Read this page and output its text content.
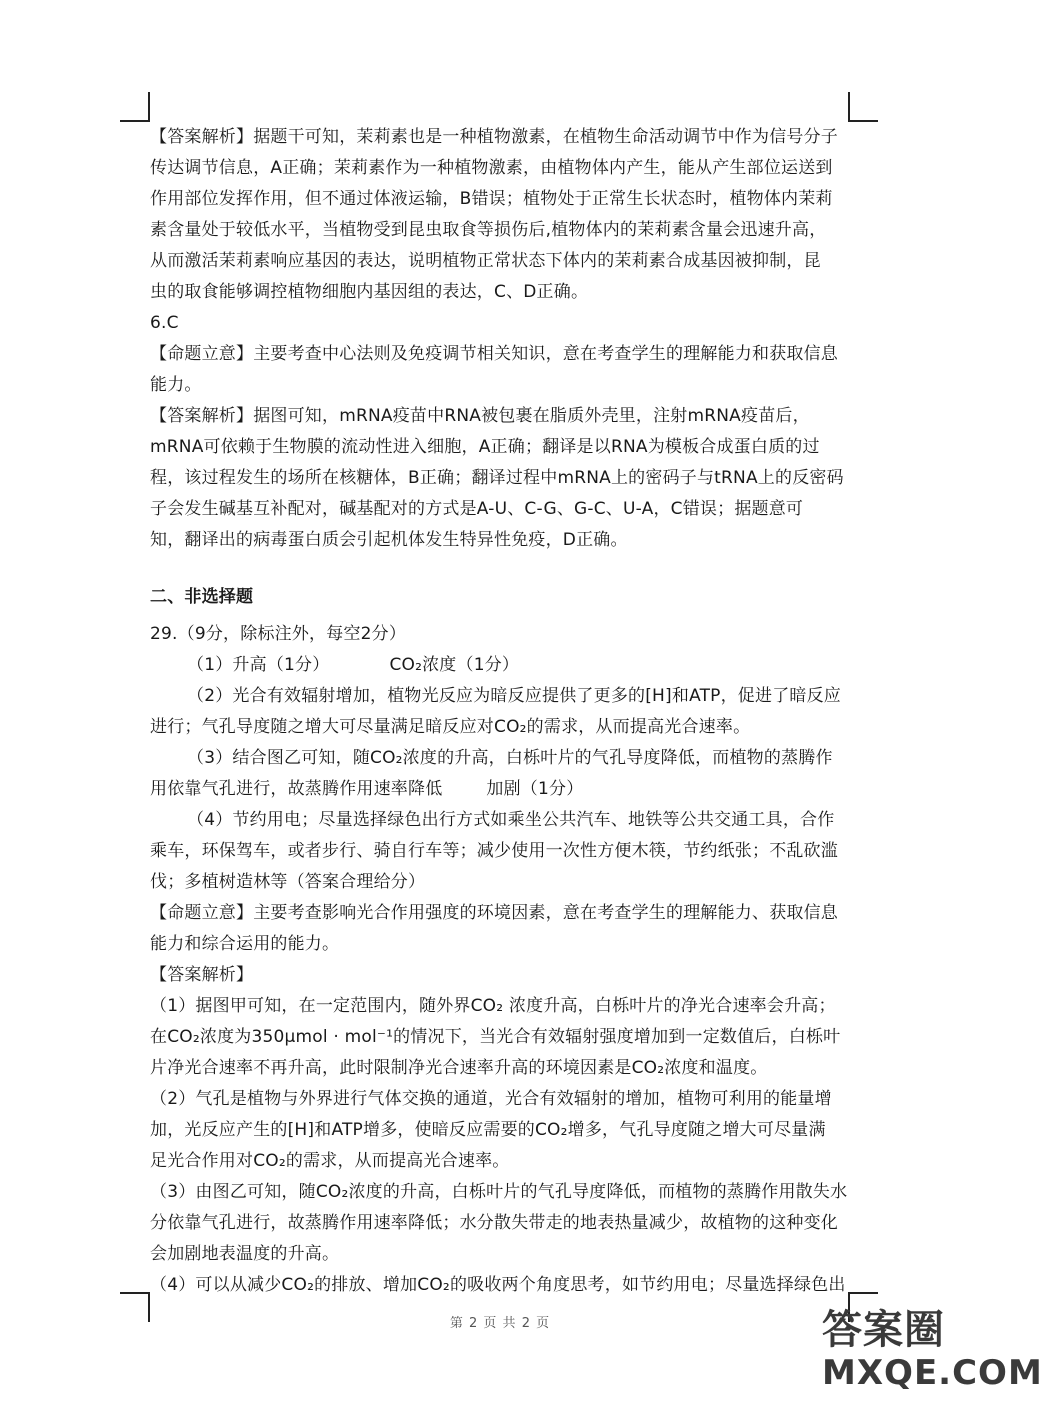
【答案解析】据题干可知，茉莉素也是一种植物激素，在植物生命活动调节中作为信号分子
传达调节信息，A正确；茉莉素作为一种植物激素，由植物体内产生，能从产生部位运送到
作用部位发挥作用，但不通过体液运输，B错误；植物处于正常生长状态时，植物体内茉莉
素含量处于较低水平，当植物受到昆虫取食等损伤后,植物体内的茉莉素含量会迅速升高，
从而激活茉莉素响应基因的表达，说明植物正常状态下体内的茉莉素合成基因被抑制，昆
虫的取食能够调控植物细胞内基因组的表达，C、D正确。
6.C
【命题立意】主要考查中心法则及免疫调节相关知识，意在考查学生的理解能力和获取信息
能力。
【答案解析】据图可知，mRNA疫苗中RNA被包裹在脂质外壳里，注射mRNA疫苗后，
mRNA可依赖于生物膜的流动性进入细胞，A正确；翻译是以RNA为模板合成蛋白质的过
程，该过程发生的场所在核糖体，B正确；翻译过程中mRNA上的密码子与tRNA上的反密码
子会发生碱基互补配对，碱基配对的方式是A-U、C-G、G-C、U-A，C错误；据题意可
知，翻译出的病毒蛋白质会引起机体发生特异性免疫，D正确。
二、非选择题
29.（9分，除标注外，每空2分）
（1）升高（1分）	CO₂浓度（1分）
（2）光合有效辐射增加，植物光反应为暗反应提供了更多的[H]和ATP，促进了暗反应
进行；气孔导度随之增大可尽量满足暗反应对CO₂的需求，从而提高光合速率。
（3）结合图乙可知，随CO₂浓度的升高，白栎叶片的气孔导度降低，而植物的蒸腾作
用依靠气孔进行，故蒸腾作用速率降低	加剧（1分）
（4）节约用电；尽量选择绿色出行方式如乘坐公共汽车、地铁等公共交通工具，合作
乘车，环保驾车，或者步行、骑自行车等；减少使用一次性方便木筷，节约纸张；不乱砍滥
伐；多植树造林等（答案合理给分）
【命题立意】主要考查影响光合作用强度的环境因素，意在考查学生的理解能力、获取信息
能力和综合运用的能力。
【答案解析】
（1）据图甲可知，在一定范围内，随外界CO₂ 浓度升高，白栎叶片的净光合速率会升高；
在CO₂浓度为350μmol · mol⁻¹的情况下，当光合有效辐射强度增加到一定数值后，白栎叶
片净光合速率不再升高，此时限制净光合速率升高的环境因素是CO₂浓度和温度。
（2）气孔是植物与外界进行气体交换的通道，光合有效辐射的增加，植物可利用的能量增
加，光反应产生的[H]和ATP增多，使暗反应需要的CO₂增多，气孔导度随之增大可尽量满
足光合作用对CO₂的需求，从而提高光合速率。
（3）由图乙可知，随CO₂浓度的升高，白栎叶片的气孔导度降低，而植物的蒸腾作用散失水
分依靠气孔进行，故蒸腾作用速率降低；水分散失带走的地表热量减少，故植物的这种变化
会加剧地表温度的升高。
（4）可以从减少CO₂的排放、增加CO₂的吸收两个角度思考，如节约用电；尽量选择绿色出
第 2 页 共 2 页	答案圈
MXQE.COM
